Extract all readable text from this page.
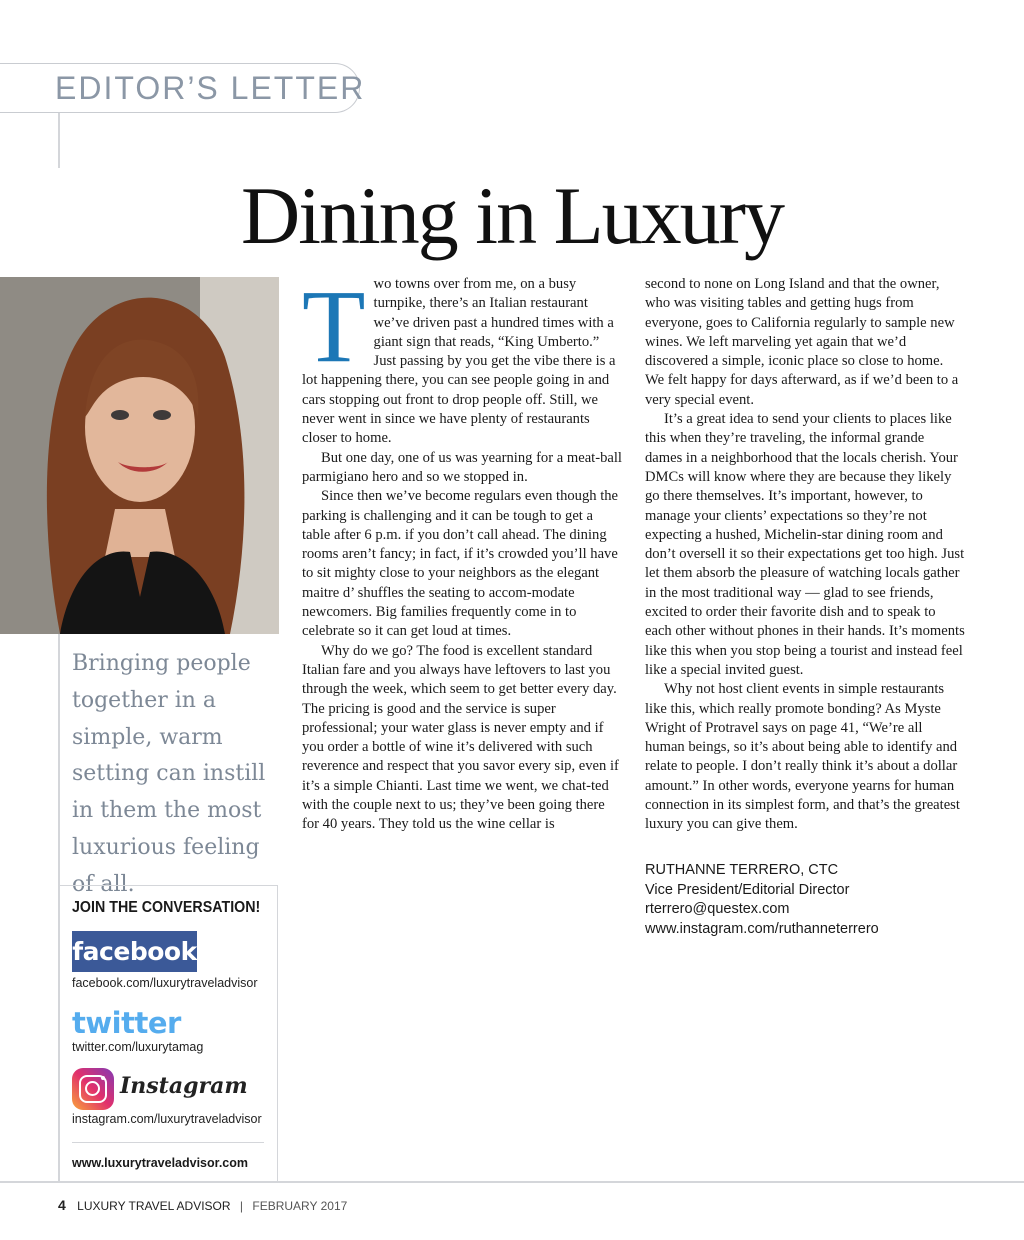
EDITOR’S LETTER
Dining in Luxury
Bringing people together in a simple, warm setting can instill in them the most luxurious feeling of all.
JOIN THE CONVERSATION!
facebook
facebook.com/luxurytraveladvisor
twitter
twitter.com/luxurytamag
Instagram
instagram.com/luxurytraveladvisor
www.luxurytraveladvisor.com
T wo towns over from me, on a busy turnpike, there’s an Italian restaurant we’ve driven past a hundred times with a giant sign that reads, “King Umberto.” Just passing by you get the vibe there is a lot happening there, you can see people going in and cars stopping out front to drop people off. Still, we never went in since we have plenty of restaurants closer to home.

But one day, one of us was yearning for a meat-ball parmigiano hero and so we stopped in.

Since then we’ve become regulars even though the parking is challenging and it can be tough to get a table after 6 p.m. if you don’t call ahead. The dining rooms aren’t fancy; in fact, if it’s crowded you’ll have to sit mighty close to your neighbors as the elegant maitre d’ shuffles the seating to accom-modate newcomers. Big families frequently come in to celebrate so it can get loud at times.

Why do we go? The food is excellent standard Italian fare and you always have leftovers to last you through the week, which seem to get better every day. The pricing is good and the service is super professional; your water glass is never empty and if you order a bottle of wine it’s delivered with such reverence and respect that you savor every sip, even if it’s a simple Chianti. Last time we went, we chat-ted with the couple next to us; they’ve been going there for 40 years. They told us the wine cellar is

second to none on Long Island and that the owner, who was visiting tables and getting hugs from everyone, goes to California regularly to sample new wines. We left marveling yet again that we’d discovered a simple, iconic place so close to home. We felt happy for days afterward, as if we’d been to a very special event.

It’s a great idea to send your clients to places like this when they’re traveling, the informal grande dames in a neighborhood that the locals cherish. Your DMCs will know where they are because they likely go there themselves. It’s important, however, to manage your clients’ expectations so they’re not expecting a hushed, Michelin-star dining room and don’t oversell it so their expectations get too high. Just let them absorb the pleasure of watching locals gather in the most traditional way — glad to see friends, excited to order their favorite dish and to speak to each other without phones in their hands. It’s moments like this when you stop being a tourist and instead feel like a special invited guest.

Why not host client events in simple restaurants like this, which really promote bonding? As Myste Wright of Protravel says on page 41, “We’re all human beings, so it’s about being able to identify and relate to people. I don’t really think it’s about a dollar amount.” In other words, everyone yearns for human connection in its simplest form, and that’s the greatest luxury you can give them.

RUTHANNE TERRERO, CTC
Vice President/Editorial Director
rterrero@questex.com
www.instagram.com/ruthanneterrero
4 LUXURY TRAVEL ADVISOR | FEBRUARY 2017
